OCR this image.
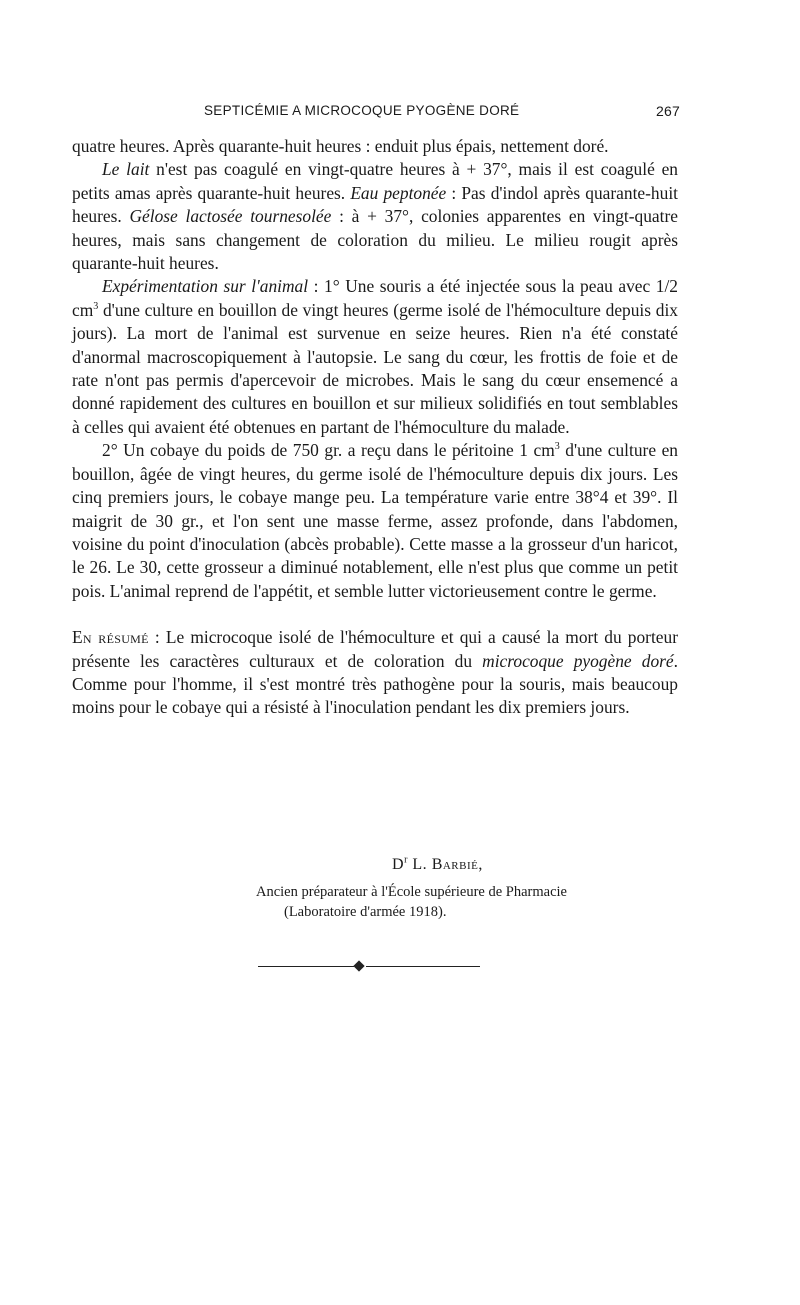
SEPTICÉMIE A MICROCOQUE PYOGÈNE DORÉ	267

quatre heures. Après quarante-huit heures : enduit plus épais, nettement doré.

Le lait n'est pas coagulé en vingt-quatre heures à + 37°, mais il est coagulé en petits amas après quarante-huit heures. Eau peptonée : Pas d'indol après quarante-huit heures. Gélose lactosée tournesolée : à + 37°, colonies apparentes en vingt-quatre heures, mais sans changement de coloration du milieu. Le milieu rougit après quarante-huit heures.

Expérimentation sur l'animal : 1° Une souris a été injectée sous la peau avec 1/2 $cm^3$ d'une culture en bouillon de vingt heures (germe isolé de l'hémoculture depuis dix jours). La mort de l'animal est survenue en seize heures. Rien n'a été constaté d'anormal macroscopiquement à l'autopsie. Le sang du cœur, les frottis de foie et de rate n'ont pas permis d'apercevoir de microbes. Mais le sang du cœur ensemencé a donné rapidement des cultures en bouillon et sur milieux solidifiés en tout semblables à celles qui avaient été obtenues en partant de l'hémoculture du malade.

2° Un cobaye du poids de 750 gr. a reçu dans le péritoine 1 $cm^3$ d'une culture en bouillon, âgée de vingt heures, du germe isolé de l'hémoculture depuis dix jours. Les cinq premiers jours, le cobaye mange peu. La température varie entre 38°4 et 39°. Il maigrit de 30 gr., et l'on sent une masse ferme, assez profonde, dans l'abdomen, voisine du point d'inoculation (abcès probable). Cette masse a la grosseur d'un haricot, le 26. Le 30, cette grosseur a diminué notablement, elle n'est plus que comme un petit pois. L'animal reprend de l'appétit, et semble lutter victorieusement contre le germe.

En résumé : Le microcoque isolé de l'hémoculture et qui a causé la mort du porteur présente les caractères culturaux et de coloration du microcoque pyogène doré. Comme pour l'homme, il s'est montré très pathogène pour la souris, mais beaucoup moins pour le cobaye qui a résisté à l'inoculation pendant les dix premiers jours.

$D^r$ L. Barbié,
Ancien préparateur à l'École supérieure de Pharmacie
(Laboratoire d'armée 1918).
